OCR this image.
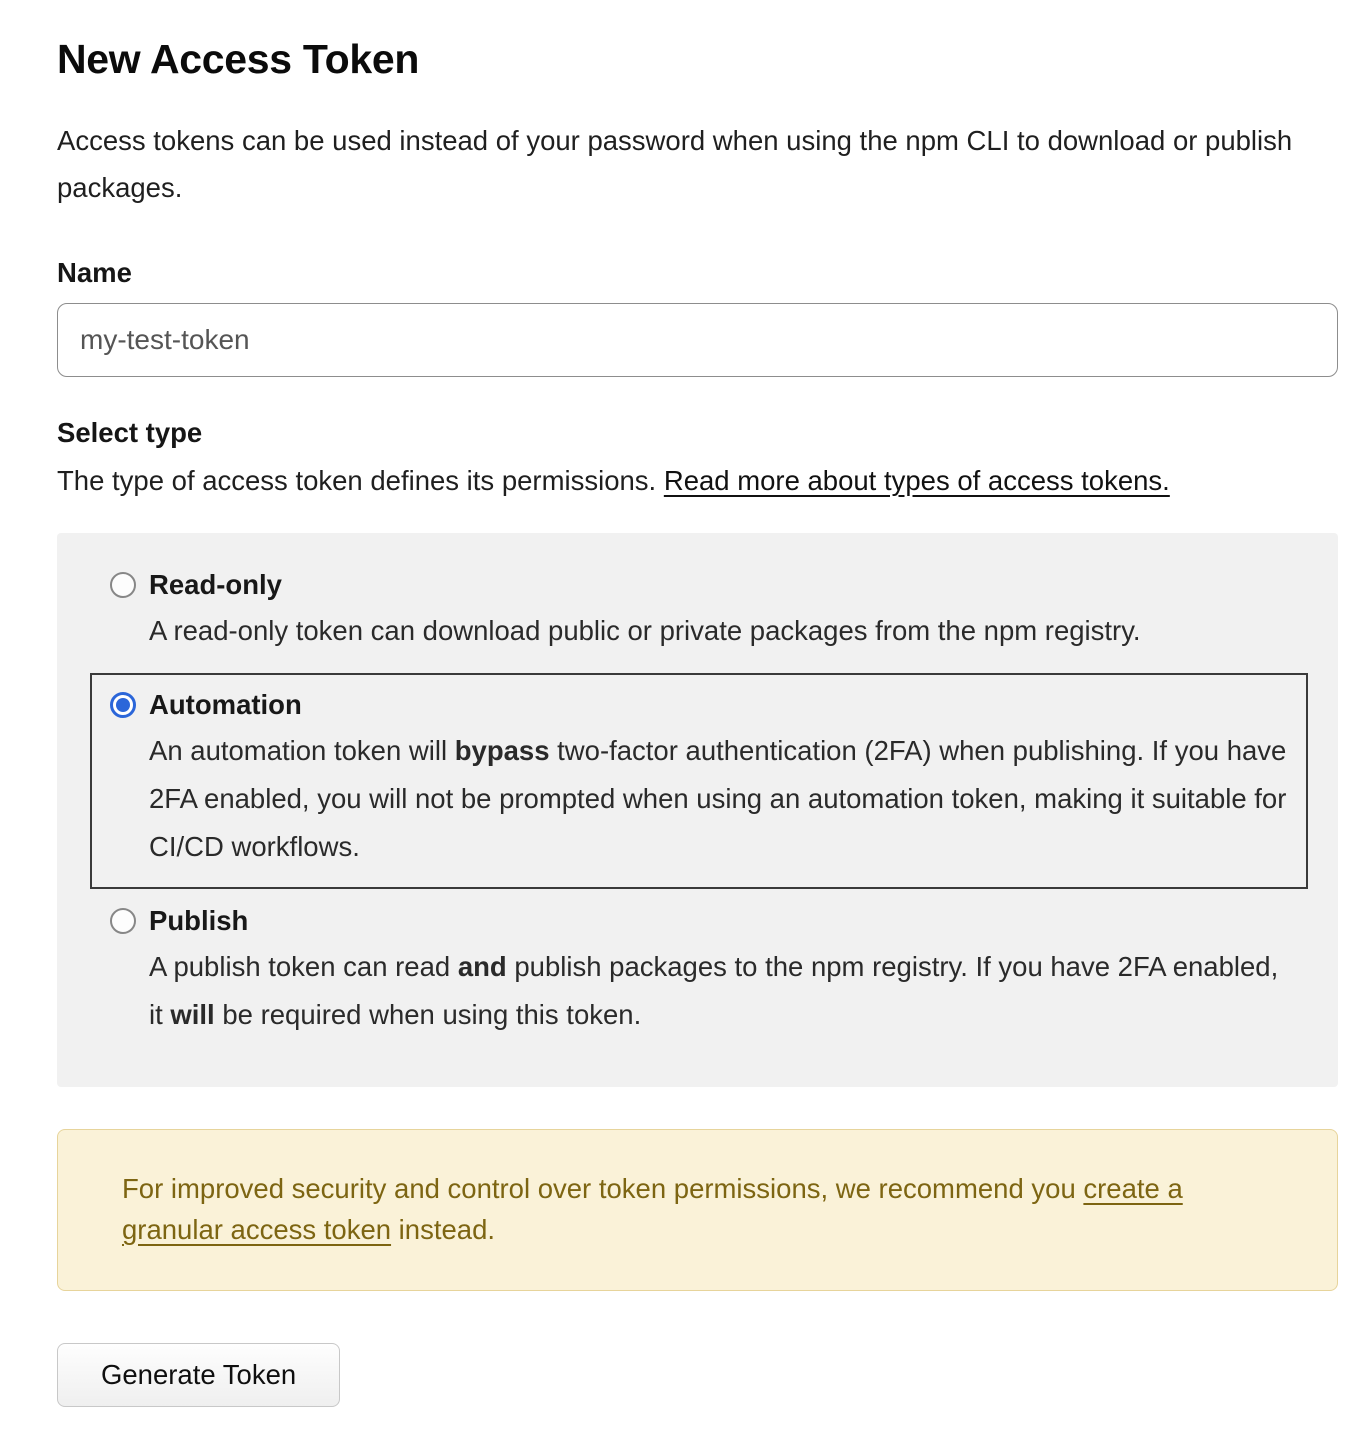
New Access Token

Access tokens can be used instead of your password when using the npm CLI to download or publish packages.

Name
my-test-token
Select type

The type of access token defines its permissions. Read more about types of access tokens.

Read-only

A read-only token can download public or private packages from the npm registry.

Automation

An automation token will bypass two-factor authentication (2FA) when publishing. If you have 2FA enabled, you will not be prompted when using an automation token, making it suitable for CI/CD workflows.

Publish

A publish token can read and publish packages to the npm registry. If you have 2FA enabled, it will be required when using this token.

For improved security and control over token permissions, we recommend you create a granular access token instead.

Generate Token
